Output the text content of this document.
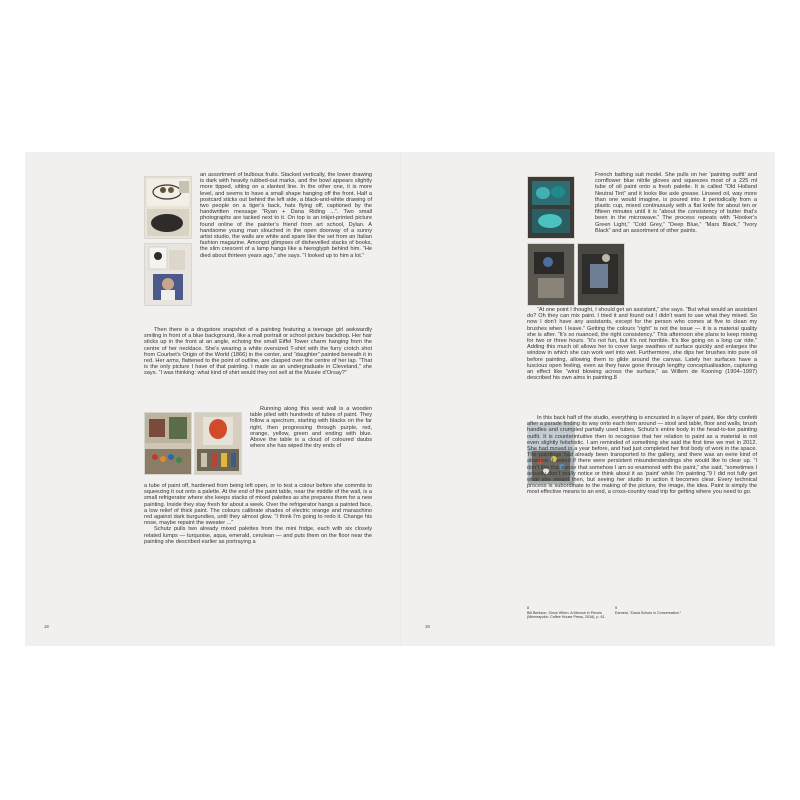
an assortment of bulbous fruits. Stacked vertically, the lower drawing is dark with heavily rubbed-out marks, and the bowl appears slightly more tipped, sitting on a slanted line. In the other one, it is more level, and seems to have a small shape hanging off the front. Half a postcard sticks out behind the left side, a black-and-white drawing of two people on a tiger’s back, hats flying off, captioned by the handwritten message “Ryan + Dana Riding ...”. Two small photographs are tacked next to it. On top is an inkjet-printed picture found online of the painter’s friend from art school, Dylan. A handsome young man slouched in the open doorway of a sunny artist studio, the walls are white and spare like the set from an Italian fashion magazine. Amongst glimpses of dishevelled stacks of books, the slim crescent of a lamp hangs like a hieroglyph behind him. “He died about thirteen years ago,” she says. “I looked up to him a lot.”

Then there is a drugstore snapshot of a painting featuring a teenage girl awkwardly smiling in front of a blue background, like a mall portrait or school picture backdrop. Her hair sticks up in the front at an angle, echoing the small Eiffel Tower charm hanging from the centre of her necklace. She’s wearing a white oversized T-shirt with the furry crotch shot from Courbet’s Origin of the World (1866) in the center, and “daughter” painted beneath it in red. Her arms, flattened to the point of outline, are clasped over the centre of her lap. “That is the only picture I have of that painting. I made as an undergraduate in Cleveland,” she says. “I was thinking: what kind of shirt would they not sell at the Musée d’Orsay?”

Running along this west wall is a wooden table piled with hundreds of tubes of paint. They follow a spectrum, starting with blacks on the far right, then progressing through purple, red, orange, yellow, green and ending with blue. Above the table is a cloud of coloured daubs where she has wiped the dry ends of

a tube of paint off, hardened from being left open, or to test a colour before she commits to squeezing it out onto a palette. At the end of the paint table, near the middle of the wall, is a small refrigerator where she keeps stacks of mixed palettes as she prepares them for a new painting. Inside they stay fresh for about a week. Over the refrigerator hangs a painted face, a low relief of thick paint. The colours calibrate shades of electric orange and maraschino red against dark burgundies, until they almost glow. “I think I’m going to redo it. Change his nose, maybe repaint the sweater ...”

Schutz pulls two already mixed palettes from the mini fridge, each with six closely related lumps — turquoise, aqua, emerald, cerulean — and puts them on the floor near the painting she described earlier as portraying a

French bathing suit model. She pulls on her ‘painting outfit’ and cornflower blue nitrile gloves and squeezes most of a 225 ml tube of oil paint onto a fresh palette. It is called “Old Holland Neutral Tint” and it looks like axle grease. Linseed oil, way more than one would imagine, is poured into it periodically from a plastic cup, mixed continuously with a flat knife for about ten or fifteen minutes until it is “about the consistency of butter that’s been in the microwave.” The process repeats with “Hooker’s Green Light,” “Cold Grey,” “Deep Blue,” “Mars Black,” “Ivory Black” and an assortment of other paints.

“At one point I thought, I should get an assistant,” she says. “But what would an assistant do? Oh they can mix paint. I tried it and found out I didn’t want to use what they mixed. So now I don’t have any assistants, except for the person who comes at five to clean my brushes when I leave.” Getting the colours “right” is not the issue — it is a material quality she is after. “It’s so nuanced, the right consistency.” This afternoon she plans to keep mixing for two or three hours. “It’s not fun, but it’s not horrible. It’s like going on a long car ride.” Adding this much oil allows her to cover large swathes of surface quickly and enlarges the window in which she can work wet into wet. Furthermore, she dips her brushes into pure oil before painting, allowing them to glide around the canvas. Lately her surfaces have a luscious open feeling, even as they have gone through lengthy conceptualisation, capturing an effect like “wind blowing across the surface,” as Willem de Kooning (1904–1997) described his own aims in painting.8

In this back half of the studio, everything is encrusted in a layer of paint, like dirty confetti after a parade finding its way onto each item around — stool and table, floor and walls, brush handles and crumpled partially used tubes, Schutz’s entire body in the head-to-toe painting outfit. It is counterintuitive then to recognise that her relation to paint as a material is not even slightly fetishistic. I am reminded of something she said the first time we met in 2012. She had moved in a year before, and had just completed her first body of work in the space. The paintings had already been transported to the gallery, and there was an eerie kind of absence. I asked if there were persistent misunderstandings she would like to clear up. “I don’t like this sense that somehow I am so enamored with the paint,” she said, “sometimes I actually don’t really notice or think about it as ‘paint’ while I’m painting.”9 I did not fully get what she meant then, but seeing her studio in action it becomes clear. Every technical process is subordinate to the making of the picture, the image, the idea. Paint is simply the most effective means to an end, a cross-country road trip for getting where you need to go.

8
Bill Berkson, Since When: A Memoir in Pieces (Minneapolis: Coffee House Press, 2018), p. 61.
9
Earnest, “Dana Schutz in Conversation.”
18	19
